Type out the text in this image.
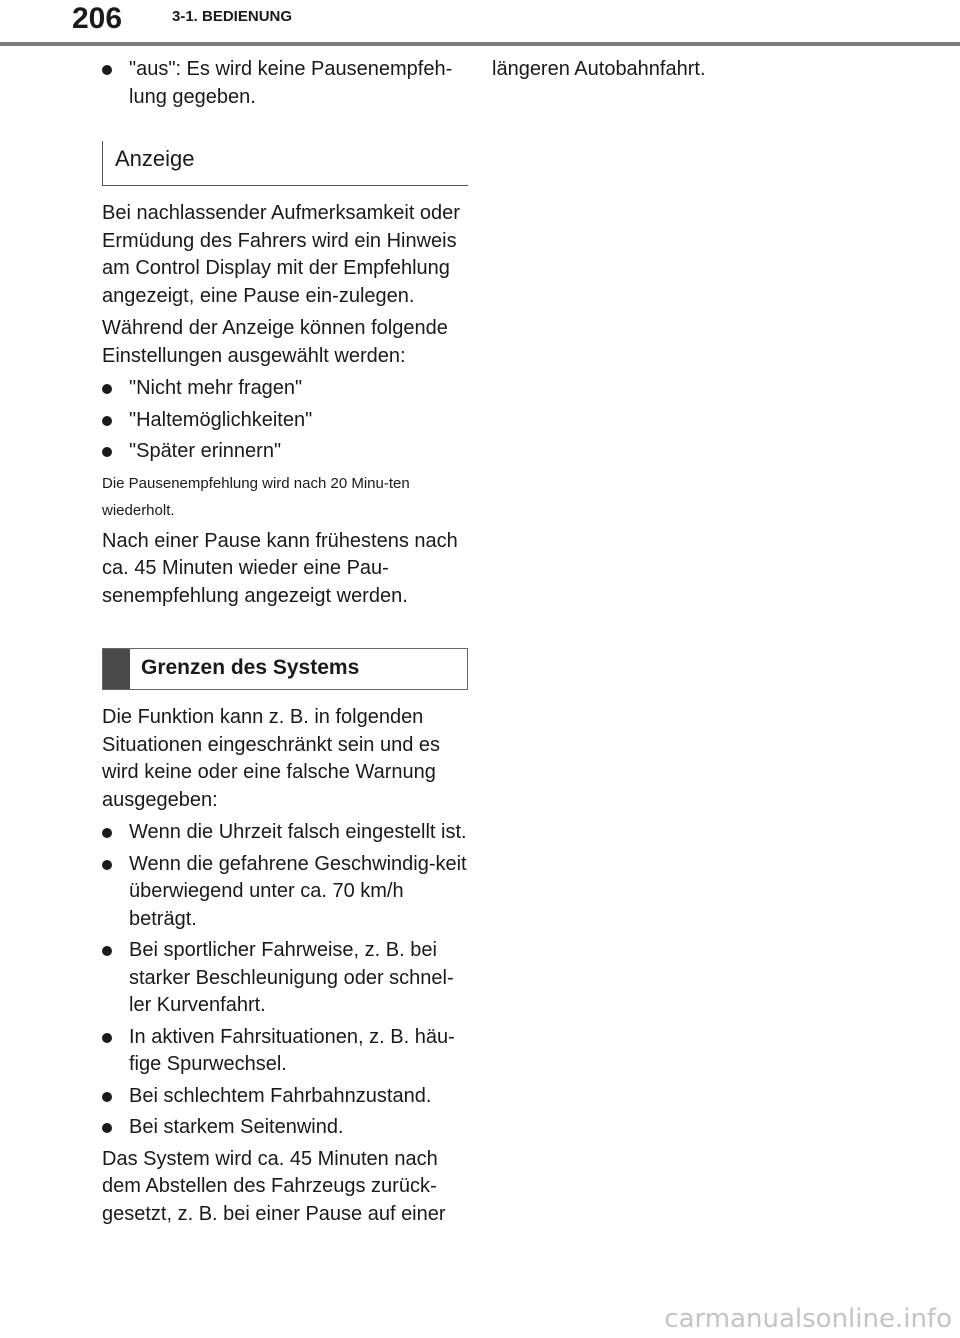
206	3-1. BEDIENUNG
"aus": Es wird keine Pausenempfeh-lung gegeben.
Anzeige

Bei nachlassender Aufmerksamkeit oder Ermüdung des Fahrers wird ein Hinweis am Control Display mit der Empfehlung angezeigt, eine Pause ein-zulegen.

Während der Anzeige können folgende Einstellungen ausgewählt werden:

"Nicht mehr fragen"
"Haltemöglichkeiten"
"Später erinnern"

Die Pausenempfehlung wird nach 20 Minu-ten wiederholt.

Nach einer Pause kann frühestens nach ca. 45 Minuten wieder eine Pau-senempfehlung angezeigt werden.

Grenzen des Systems

Die Funktion kann z. B. in folgenden Situationen eingeschränkt sein und es wird keine oder eine falsche Warnung ausgegeben:

Wenn die Uhrzeit falsch eingestellt ist.
Wenn die gefahrene Geschwindig-keit überwiegend unter ca. 70 km/h beträgt.
Bei sportlicher Fahrweise, z. B. bei starker Beschleunigung oder schnel-ler Kurvenfahrt.
In aktiven Fahrsituationen, z. B. häu-fige Spurwechsel.
Bei schlechtem Fahrbahnzustand.
Bei starkem Seitenwind.

Das System wird ca. 45 Minuten nach dem Abstellen des Fahrzeugs zurück-gesetzt, z. B. bei einer Pause auf einer

längeren Autobahnfahrt.

carmanualsonline.info
